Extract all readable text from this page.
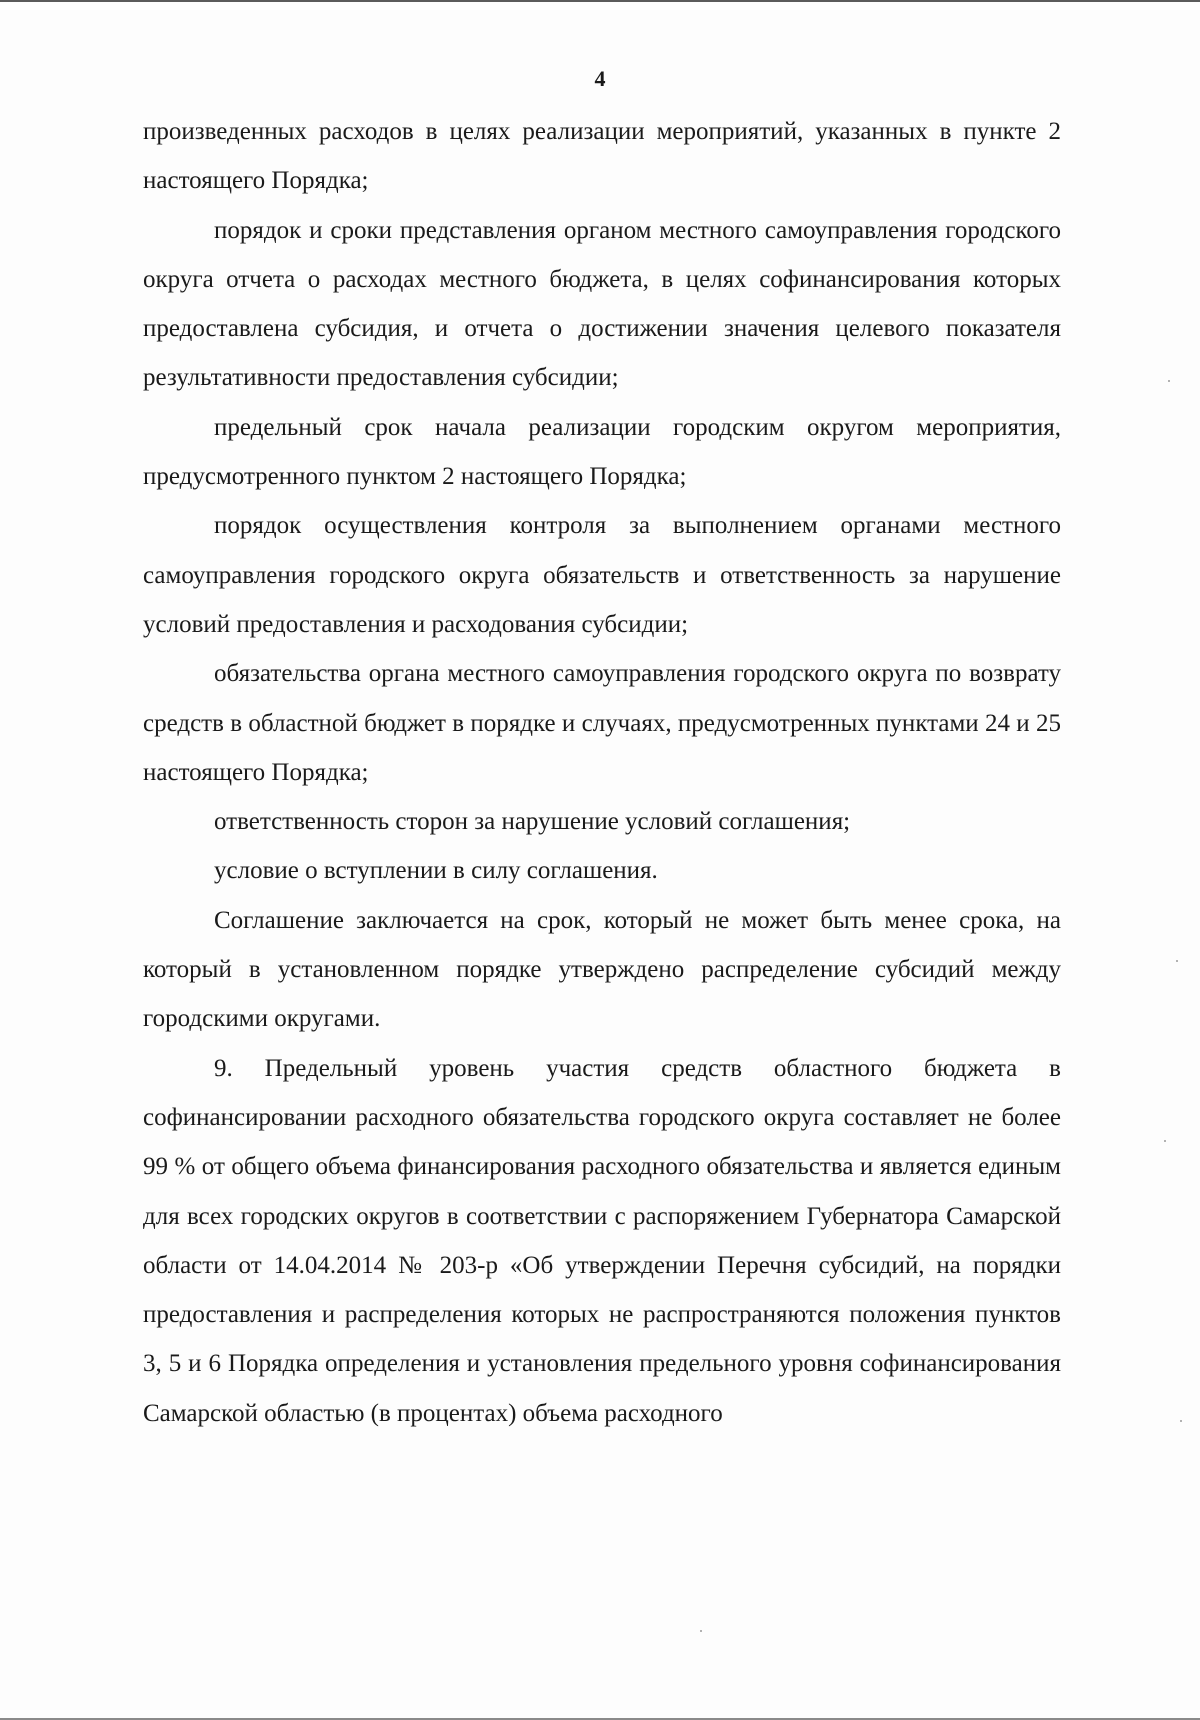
4

произведенных расходов в целях реализации мероприятий, указанных в пункте 2 настоящего Порядка;

порядок и сроки представления органом местного самоуправления городского округа отчета о расходах местного бюджета, в целях софинансирования которых предоставлена субсидия, и отчета о достижении значения целевого показателя результативности предоставления субсидии;

предельный срок начала реализации городским округом мероприятия, предусмотренного пунктом 2 настоящего Порядка;

порядок осуществления контроля за выполнением органами местного самоуправления городского округа обязательств и ответственность за нарушение условий предоставления и расходования субсидии;

обязательства органа местного самоуправления городского округа по возврату средств в областной бюджет в порядке и случаях, предусмотренных пунктами 24 и 25 настоящего Порядка;

ответственность сторон за нарушение условий соглашения;

условие о вступлении в силу соглашения.

Соглашение заключается на срок, который не может быть менее срока, на который в установленном порядке утверждено распределение субсидий между городскими округами.

9. Предельный уровень участия средств областного бюджета в софинансировании расходного обязательства городского округа составляет не более 99 % от общего объема финансирования расходного обязательства и является единым для всех городских округов в соответствии с распоряжением Губернатора Самарской области от 14.04.2014 № 203-р «Об утверждении Перечня субсидий, на порядки предоставления и распределения которых не распространяются положения пунктов 3, 5 и 6 Порядка определения и установления предельного уровня софинансирования Самарской областью (в процентах) объема расходного
